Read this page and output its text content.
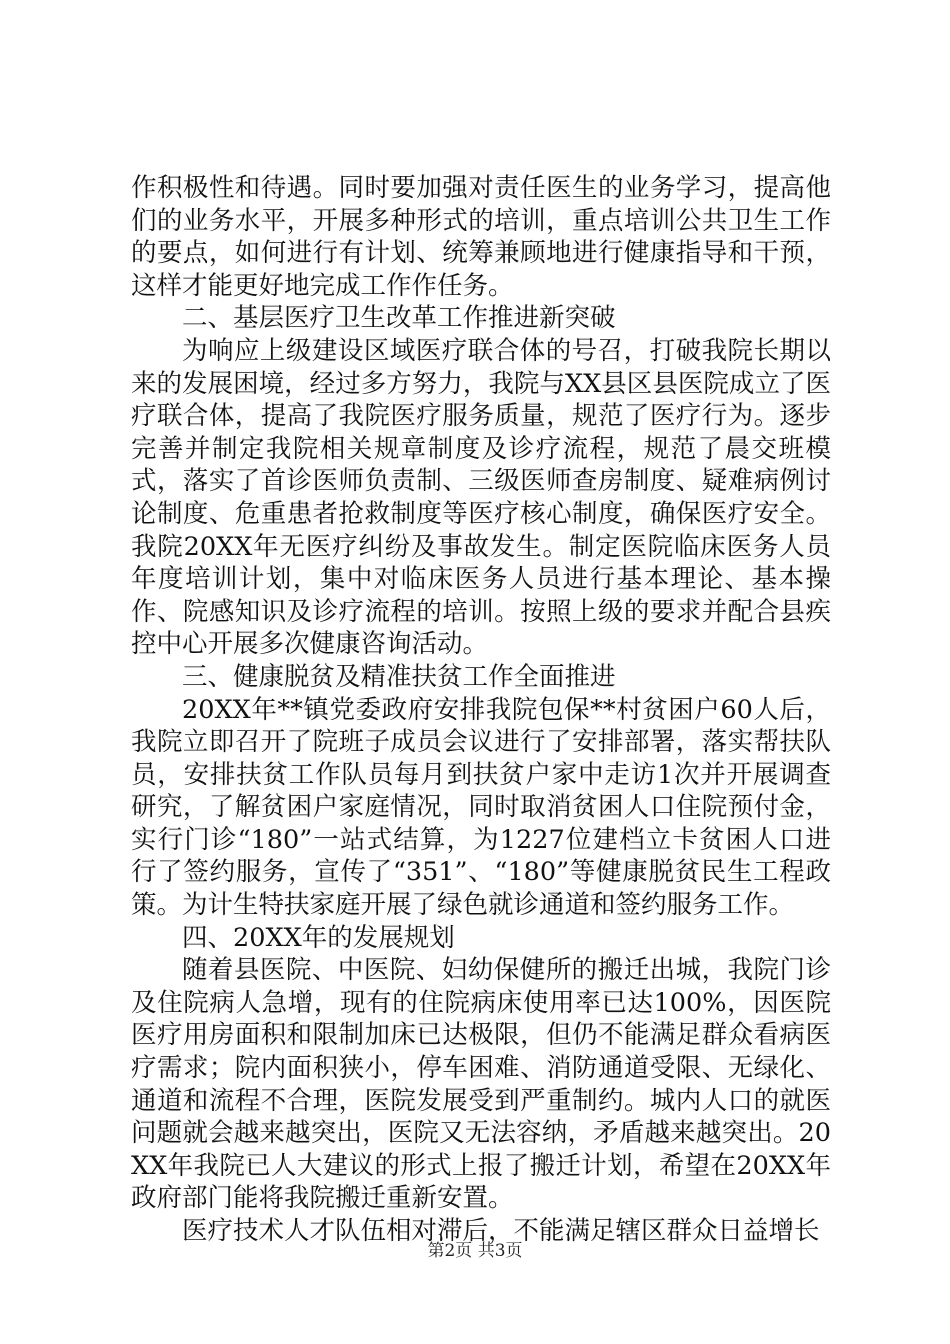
作积极性和待遇。同时要加强对责任医生的业务学习，提高他们的业务水平，开展多种形式的培训，重点培训公共卫生工作的要点，如何进行有计划、统筹兼顾地进行健康指导和干预，这样才能更好地完成工作作任务。

二、基层医疗卫生改革工作推进新突破

为响应上级建设区域医疗联合体的号召，打破我院长期以来的发展困境，经过多方努力，我院与XX县区县医院成立了医疗联合体，提高了我院医疗服务质量，规范了医疗行为。逐步完善并制定我院相关规章制度及诊疗流程，规范了晨交班模式，落实了首诊医师负责制、三级医师查房制度、疑难病例讨论制度、危重患者抢救制度等医疗核心制度，确保医疗安全。我院20XX年无医疗纠纷及事故发生。制定医院临床医务人员年度培训计划，集中对临床医务人员进行基本理论、基本操作、院感知识及诊疗流程的培训。按照上级的要求并配合县疾控中心开展多次健康咨询活动。

三、健康脱贫及精准扶贫工作全面推进

20XX年**镇党委政府安排我院包保**村贫困户60人后，我院立即召开了院班子成员会议进行了安排部署，落实帮扶队员，安排扶贫工作队员每月到扶贫户家中走访1次并开展调查研究，了解贫困户家庭情况，同时取消贫困人口住院预付金，实行门诊“180”一站式结算，为1227位建档立卡贫困人口进行了签约服务，宣传了“351”、“180”等健康脱贫民生工程政策。为计生特扶家庭开展了绿色就诊通道和签约服务工作。

四、20XX年的发展规划

随着县医院、中医院、妇幼保健所的搬迁出城，我院门诊及住院病人急增，现有的住院病床使用率已达100%，因医院医疗用房面积和限制加床已达极限，但仍不能满足群众看病医疗需求；院内面积狭小，停车困难、消防通道受限、无绿化、通道和流程不合理，医院发展受到严重制约。城内人口的就医问题就会越来越突出，医院又无法容纳，矛盾越来越突出。20XX年我院已人大建议的形式上报了搬迁计划，希望在20XX年政府部门能将我院搬迁重新安置。

医疗技术人才队伍相对滞后，不能满足辖区群众日益增长

第2页 共3页
